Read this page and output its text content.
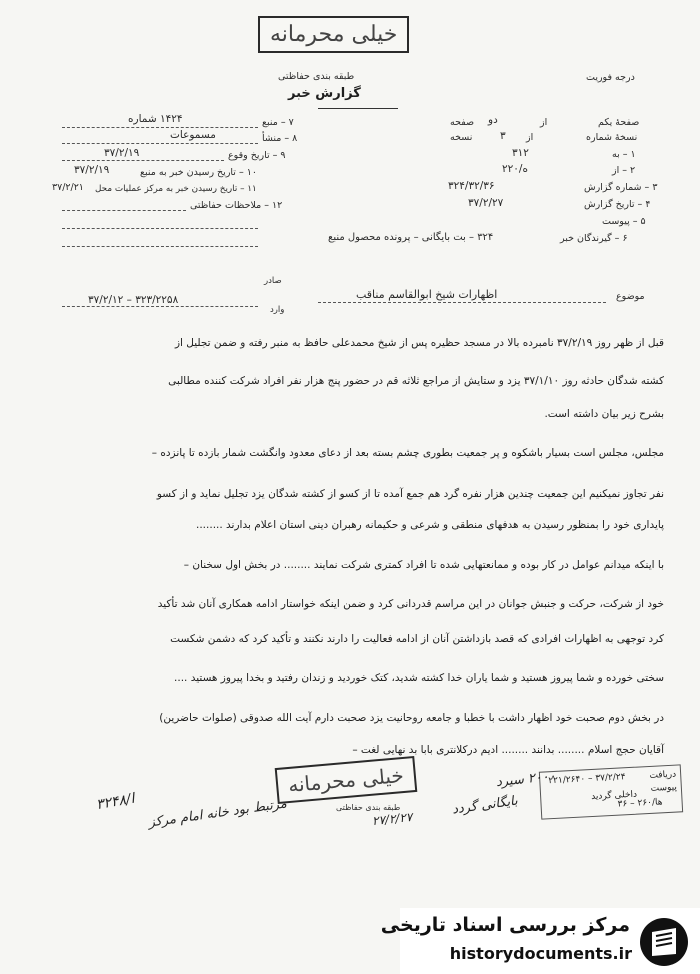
خیلی محرمانه
طبقه بندی حفاظتی
گزارش خبر
درجه فوریت
صفحهٔ یکم
از
دو
صفحه
نسخهٔ شماره
از
۳
نسخه
۱ – به
۳۱۲
۲ – از
۲۲۰/ه
۳ – شماره گزارش
۳۲۴/۳۲/۳۶
۴ – تاریخ گزارش
۳۷/۲/۲۷
۵ – پیوست
۶ – گیرندگان خبر
۳۲۴ – بت بایگانی – پرونده محصول منبع
۷ – منبع
۱۴۲۴ شماره
۸ – منشأ
مسموعات
۹ – تاریخ وقوع
۳۷/۲/۱۹
۱۰ – تاریخ رسیدن خبر به منبع
۳۷/۲/۱۹
۱۱ – تاریخ رسیدن خبر به مرکز عملیات محل
۳۷/۲/۲۱
۱۲ – ملاحظات حفاظتی
موضوع
اظهارات شیخ ابوالقاسم مناقب
صادر
وارد
۳۷/۲/۱۲ – ۳۲۳/۲۲۵۸
قبل از ظهر روز ۳۷/۲/۱۹ نامبرده بالا در مسجد حظیره پس از شیخ محمدعلی حافظ به منبر رفته و ضمن تجلیل از
کشته شدگان حادثه روز ۳۷/۱/۱۰ یزد و ستایش از مراجع ثلاثه قم در حضور پنج هزار نفر افراد شرکت کننده مطالبی
بشرح زیر بیان داشته است.
مجلس، مجلس است بسیار باشکوه و پر جمعیت بطوری چشم بسته بعد از دعای معدود وانگشت شمار بازده تا پانزده –
نفر تجاوز نمیکنیم این جمعیت چندین هزار نفره گرد هم جمع آمده تا از کسو از کشته شدگان یزد تجلیل نماید و از کسو
پایداری خود را بمنظور رسیدن به هدفهای منطقی و شرعی و حکیمانه رهبران دینی استان اعلام بدارند ........
با اینکه میدانم عوامل در کار بوده و ممانعتهایی شده تا افراد کمتری شرکت نمایند ........ در بخش اول سخنان –
خود از شرکت، حرکت و جنبش جوانان در این مراسم قدردانی کرد و ضمن اینکه خواستار ادامه همکاری آنان شد تأکید
کرد توجهی به اظهارات افرادی که قصد بازداشتن آنان از ادامه فعالیت را دارند نکنند و تأکید کرد که دشمن شکست
سختی خورده و شما پیروز هستید و شما یاران خدا کشته شدید، کتک خوردید و زندان رفتید و بخدا پیروز هستید ....
در بخش دوم صحبت خود اظهار داشت با خطبا و جامعه روحانیت یزد صحبت دارم آیت الله صدوقی (صلوات حاضرین)
آقایان حجج اسلام ........ بدانند ........ ادیم درکلانتری بابا بد نهایی لغت –
خیلی محرمانه
طبقه بندی حفاظتی
۲۲۱/۲۶۴۰ – ۳۷/۲/۲۴	دریافت
پیوست
داخلی گردید
۳۶ – ۲۶۰/ها
۲۰۰۰ سیرد
بایگانی گردد
۲۷/۲/۲۷
مرتبط بود خانه امام مرکز
ا/۳۲۴۸
مرکز بررسی اسناد تاریخی
historydocuments.ir
